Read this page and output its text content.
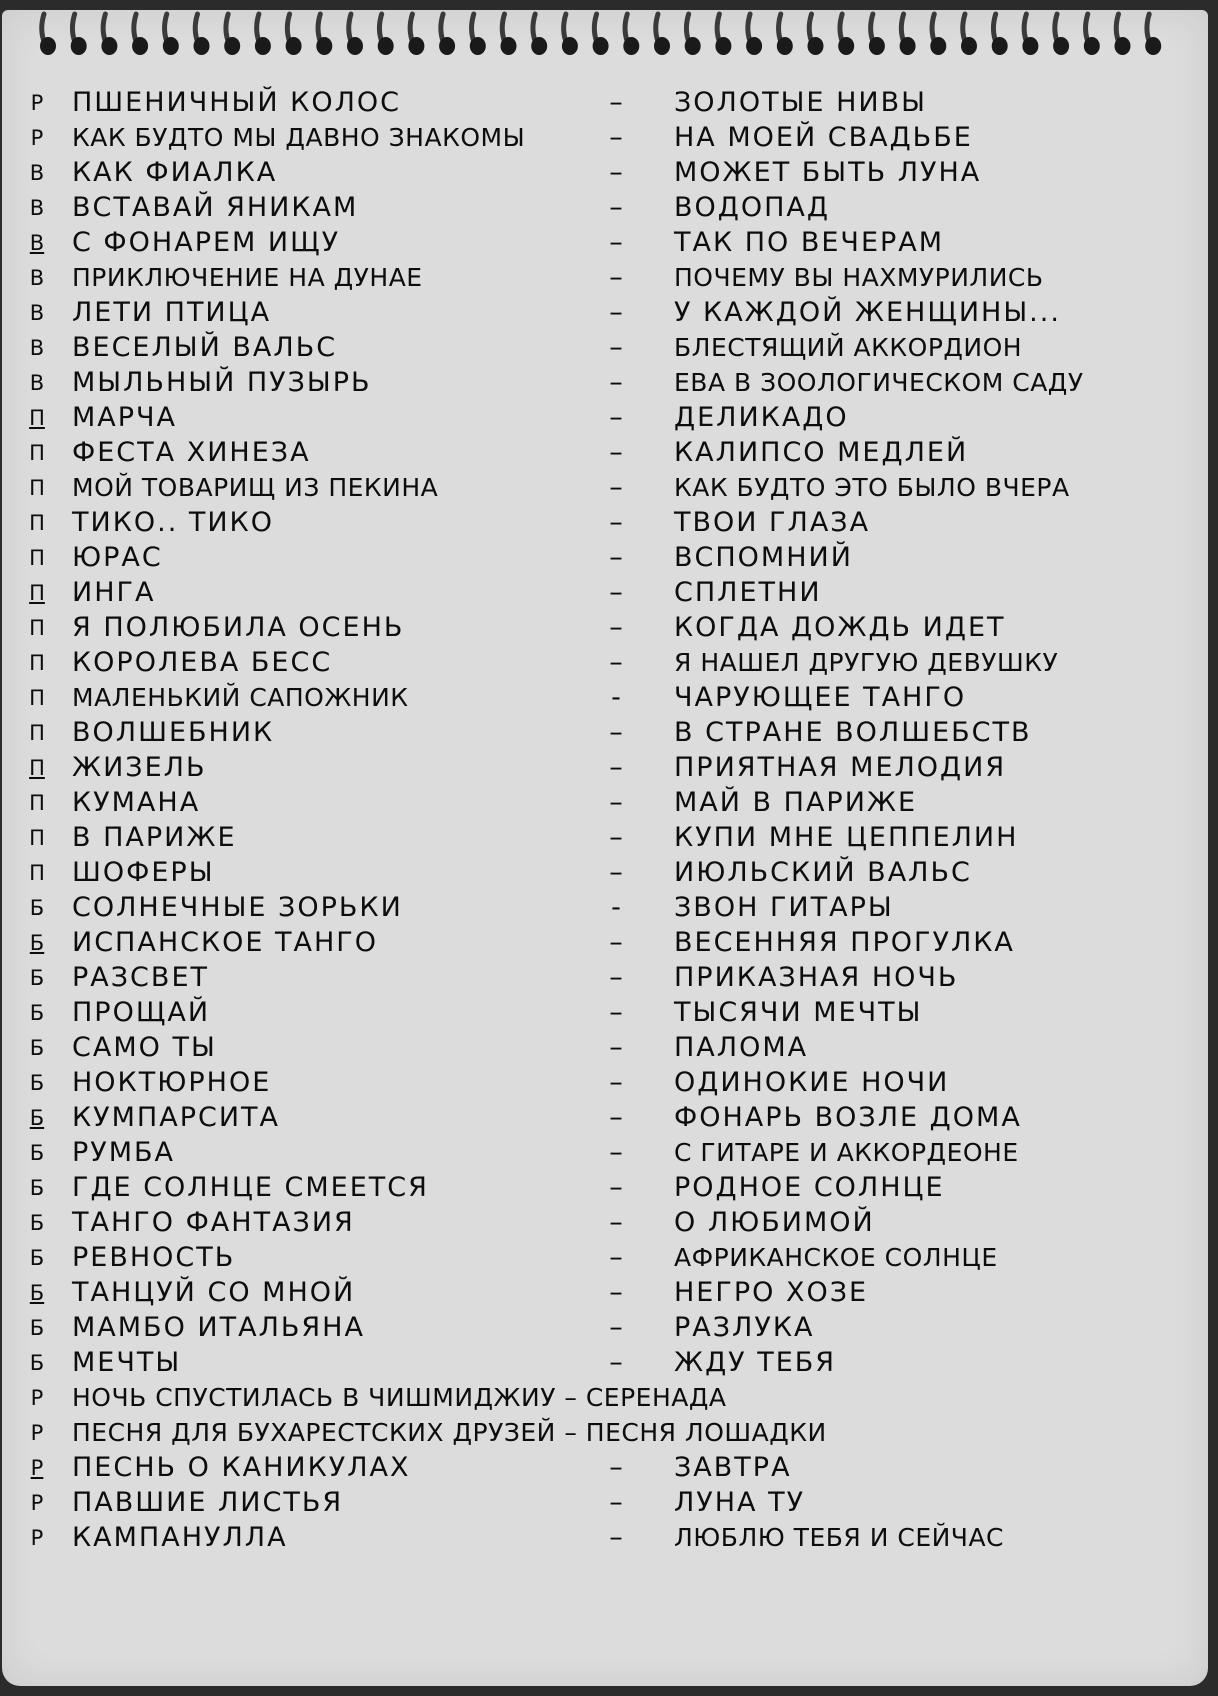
Р ПШЕНИЧНЫЙ КОЛОС	– ЗОЛОТЫЕ НИВЫ
Р КАК БУДТО МЫ ДАВНО ЗНАКОМЫ	– НА МОЕЙ СВАДЬБЕ
В КАК ФИАЛКА	– МОЖЕТ БЫТЬ ЛУНА
В ВСТАВАЙ ЯНИКАМ	– ВОДОПАД
В С ФОНАРЕМ ИЩУ	– ТАК ПО ВЕЧЕРАМ
В ПРИКЛЮЧЕНИЕ НА ДУНАЕ	– ПОЧЕМУ ВЫ НАХМУРИЛИСЬ
В ЛЕТИ ПТИЦА	– У КАЖДОЙ ЖЕНЩИНЫ...
В ВЕСЕЛЫЙ ВАЛЬС	– БЛЕСТЯЩИЙ АККОРДИОН
В МЫЛЬНЫЙ ПУЗЫРЬ	– ЕВА В ЗООЛОГИЧЕСКОМ САДУ
П МАРЧА	– ДЕЛИКАДО
П ФЕСТА ХИНЕЗА	– КАЛИПСО МЕДЛЕЙ
П МОЙ ТОВАРИЩ ИЗ ПЕКИНА	– КАК БУДТО ЭТО БЫЛО ВЧЕРА
П ТИКО.. ТИКО	– ТВОИ ГЛАЗА
П ЮРАС	– ВСПОМНИЙ
П ИНГА	– СПЛЕТНИ
П Я ПОЛЮБИЛА ОСЕНЬ	– КОГДА ДОЖДЬ ИДЕТ
П КОРОЛЕВА БЕСС	– Я НАШЕЛ ДРУГУЮ ДЕВУШКУ
П МАЛЕНЬКИЙ САПОЖНИК	- ЧАРУЮЩЕЕ ТАНГО
П ВОЛШЕБНИК	– В СТРАНЕ ВОЛШЕБСТВ
П ЖИЗЕЛЬ	– ПРИЯТНАЯ МЕЛОДИЯ
П КУМАНА	– МАЙ В ПАРИЖЕ
П В ПАРИЖЕ	– КУПИ МНЕ ЦЕППЕЛИН
П ШОФЕРЫ	– ИЮЛЬСКИЙ ВАЛЬС
Б СОЛНЕЧНЫЕ ЗОРЬКИ	- ЗВОН ГИТАРЫ
Б ИСПАНСКОЕ ТАНГО	– ВЕСЕННЯЯ ПРОГУЛКА
Б РАЗСВЕТ	– ПРИКАЗНАЯ НОЧЬ
Б ПРОЩАЙ	– ТЫСЯЧИ МЕЧТЫ
Б САМО ТЫ	– ПАЛОМА
Б НОКТЮРНОЕ	– ОДИНОКИЕ НОЧИ
Б КУМПАРСИТА	– ФОНАРЬ ВОЗЛЕ ДОМА
Б РУМБА	– С ГИТАРЕ И АККОРДЕОНЕ
Б ГДЕ СОЛНЦЕ СМЕЕТСЯ	– РОДНОЕ СОЛНЦЕ
Б ТАНГО ФАНТАЗИЯ	– О ЛЮБИМОЙ
Б РЕВНОСТЬ	– АФРИКАНСКОЕ СОЛНЦЕ
Б ТАНЦУЙ СО МНОЙ	– НЕГРО ХОЗЕ
Б МАМБО ИТАЛЬЯНА	– РАЗЛУКА
Б МЕЧТЫ	– ЖДУ ТЕБЯ
Р НОЧЬ СПУСТИЛАСЬ В ЧИШМИДЖИУ – СЕРЕНАДА
Р ПЕСНЯ ДЛЯ БУХАРЕСТСКИХ ДРУЗЕЙ – ПЕСНЯ ЛОШАДКИ
Р ПЕСНЬ О КАНИКУЛАХ	– ЗАВТРА
Р ПАВШИЕ ЛИСТЬЯ	– ЛУНА ТУ
Р КАМПАНУЛЛА	– ЛЮБЛЮ ТЕБЯ И СЕЙЧАС
